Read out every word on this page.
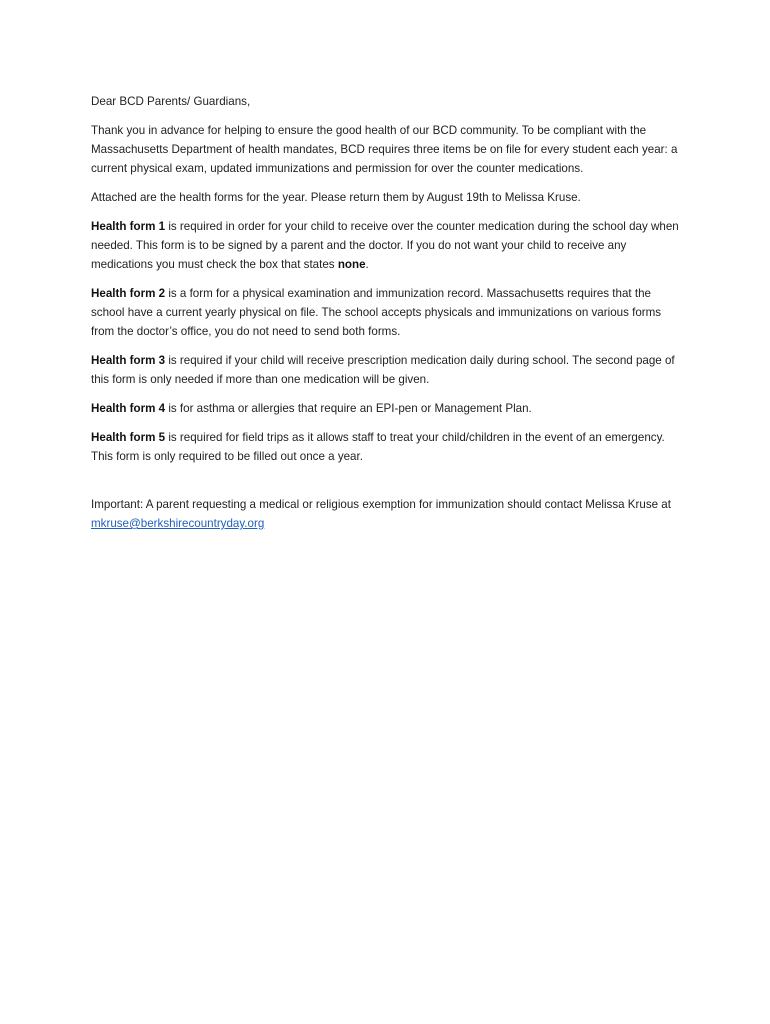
Dear BCD Parents/ Guardians,

Thank you in advance for helping to ensure the good health of our BCD community. To be compliant with the Massachusetts Department of health mandates, BCD requires three items be on file for every student each year: a current physical exam, updated immunizations and permission for over the counter medications.

Attached are the health forms for the year. Please return them by August 19th to Melissa Kruse.

Health form 1 is required in order for your child to receive over the counter medication during the school day when needed. This form is to be signed by a parent and the doctor. If you do not want your child to receive any medications you must check the box that states none.

Health form 2 is a form for a physical examination and immunization record. Massachusetts requires that the school have a current yearly physical on file. The school accepts physicals and immunizations on various forms from the doctor’s office, you do not need to send both forms.

Health form 3 is required if your child will receive prescription medication daily during school. The second page of this form is only needed if more than one medication will be given.

Health form 4 is for asthma or allergies that require an EPI-pen or Management Plan.

Health form 5 is required for field trips as it allows staff to treat your child/children in the event of an emergency. This form is only required to be filled out once a year.

Important: A parent requesting a medical or religious exemption for immunization should contact Melissa Kruse at mkruse@berkshirecountryday.org
